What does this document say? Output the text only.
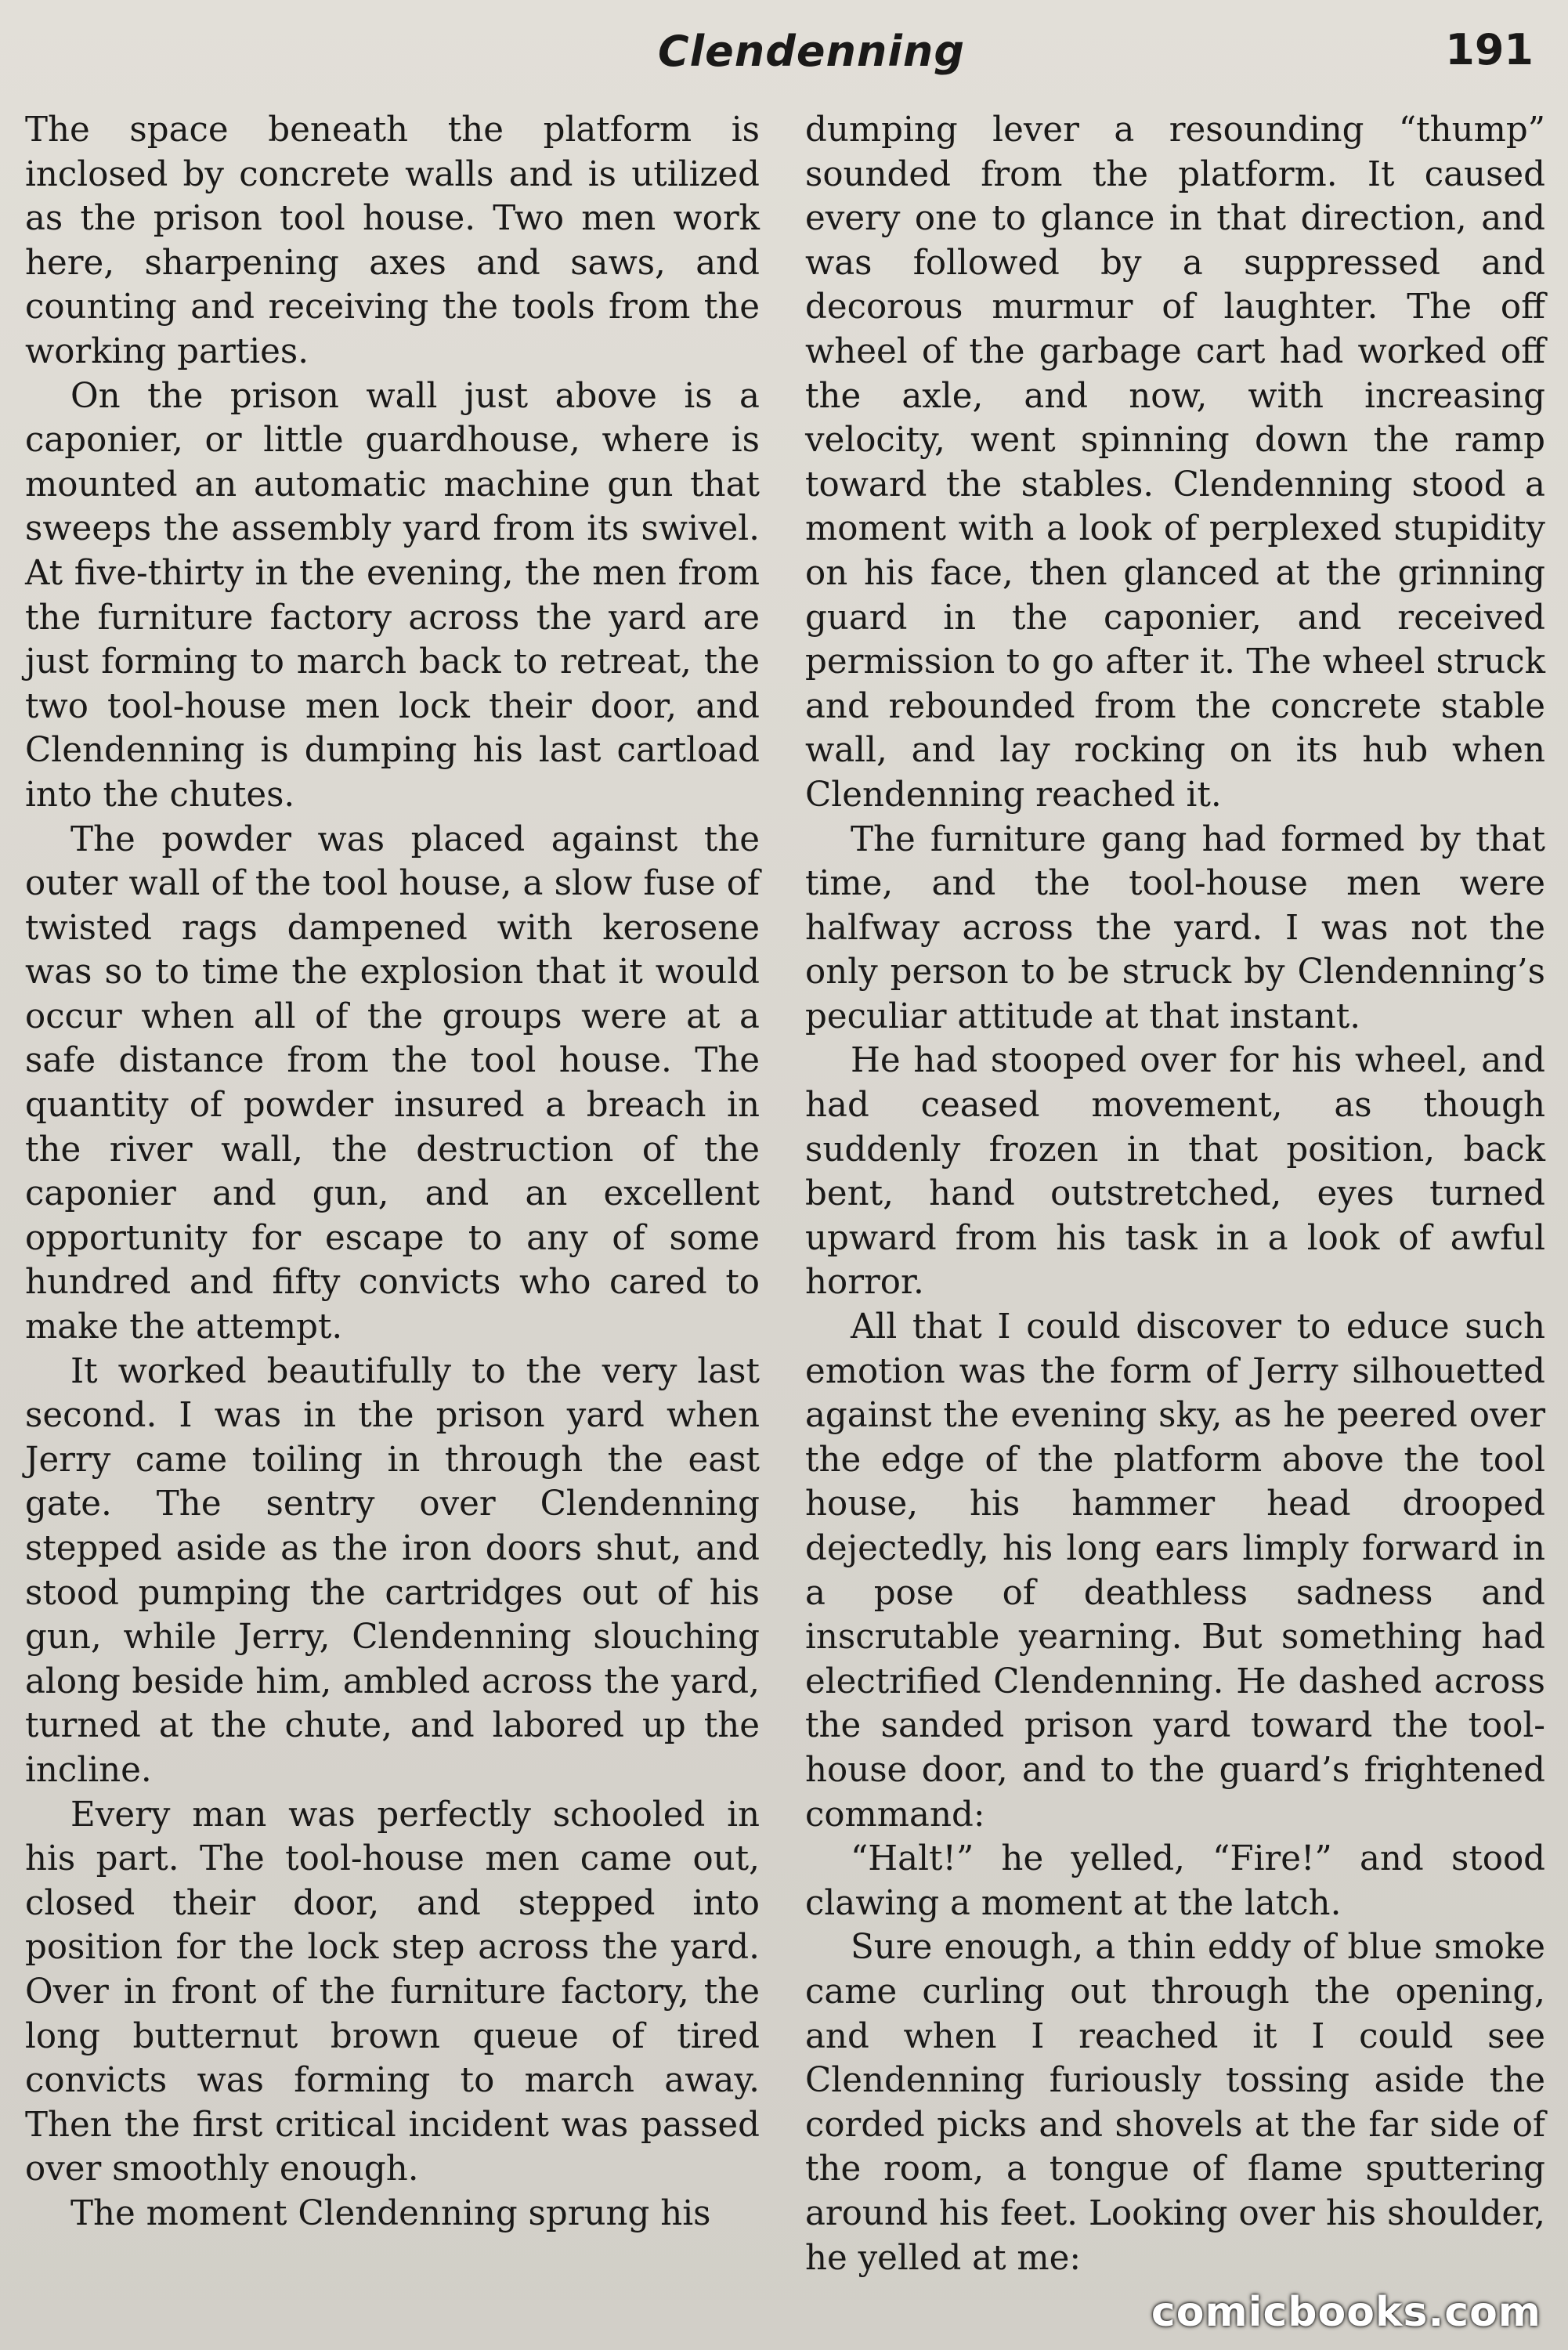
Clendenning	191

The space beneath the platform is inclosed by concrete walls and is utilized as the prison tool house. Two men work here, sharpening axes and saws, and counting and receiving the tools from the working parties.

On the prison wall just above is a caponier, or little guardhouse, where is mounted an automatic machine gun that sweeps the assembly yard from its swivel. At five-thirty in the evening, the men from the furniture factory across the yard are just forming to march back to retreat, the two tool-house men lock their door, and Clendenning is dumping his last cartload into the chutes.

The powder was placed against the outer wall of the tool house, a slow fuse of twisted rags dampened with kerosene was so to time the explosion that it would occur when all of the groups were at a safe distance from the tool house. The quantity of powder insured a breach in the river wall, the destruction of the caponier and gun, and an excellent opportunity for escape to any of some hundred and fifty convicts who cared to make the attempt.

It worked beautifully to the very last second. I was in the prison yard when Jerry came toiling in through the east gate. The sentry over Clendenning stepped aside as the iron doors shut, and stood pumping the cartridges out of his gun, while Jerry, Clendenning slouching along beside him, ambled across the yard, turned at the chute, and labored up the incline.

Every man was perfectly schooled in his part. The tool-house men came out, closed their door, and stepped into position for the lock step across the yard. Over in front of the furniture factory, the long butternut brown queue of tired convicts was forming to march away. Then the first critical incident was passed over smoothly enough.

The moment Clendenning sprung his

dumping lever a resounding “thump” sounded from the platform. It caused every one to glance in that direction, and was followed by a suppressed and decorous murmur of laughter. The off wheel of the garbage cart had worked off the axle, and now, with increasing velocity, went spinning down the ramp toward the stables. Clendenning stood a moment with a look of perplexed stupidity on his face, then glanced at the grinning guard in the caponier, and received permission to go after it. The wheel struck and rebounded from the concrete stable wall, and lay rocking on its hub when Clendenning reached it.

The furniture gang had formed by that time, and the tool-house men were halfway across the yard. I was not the only person to be struck by Clendenning’s peculiar attitude at that instant.

He had stooped over for his wheel, and had ceased movement, as though suddenly frozen in that position, back bent, hand outstretched, eyes turned upward from his task in a look of awful horror.

All that I could discover to educe such emotion was the form of Jerry silhouetted against the evening sky, as he peered over the edge of the platform above the tool house, his hammer head drooped dejectedly, his long ears limply forward in a pose of deathless sadness and inscrutable yearning. But something had electrified Clendenning. He dashed across the sanded prison yard toward the tool-house door, and to the guard’s frightened command:

“Halt!” he yelled, “Fire!” and stood clawing a moment at the latch.

Sure enough, a thin eddy of blue smoke came curling out through the opening, and when I reached it I could see Clendenning furiously tossing aside the corded picks and shovels at the far side of the room, a tongue of flame sputtering around his feet. Looking over his shoulder, he yelled at me:

comicbooks.com
